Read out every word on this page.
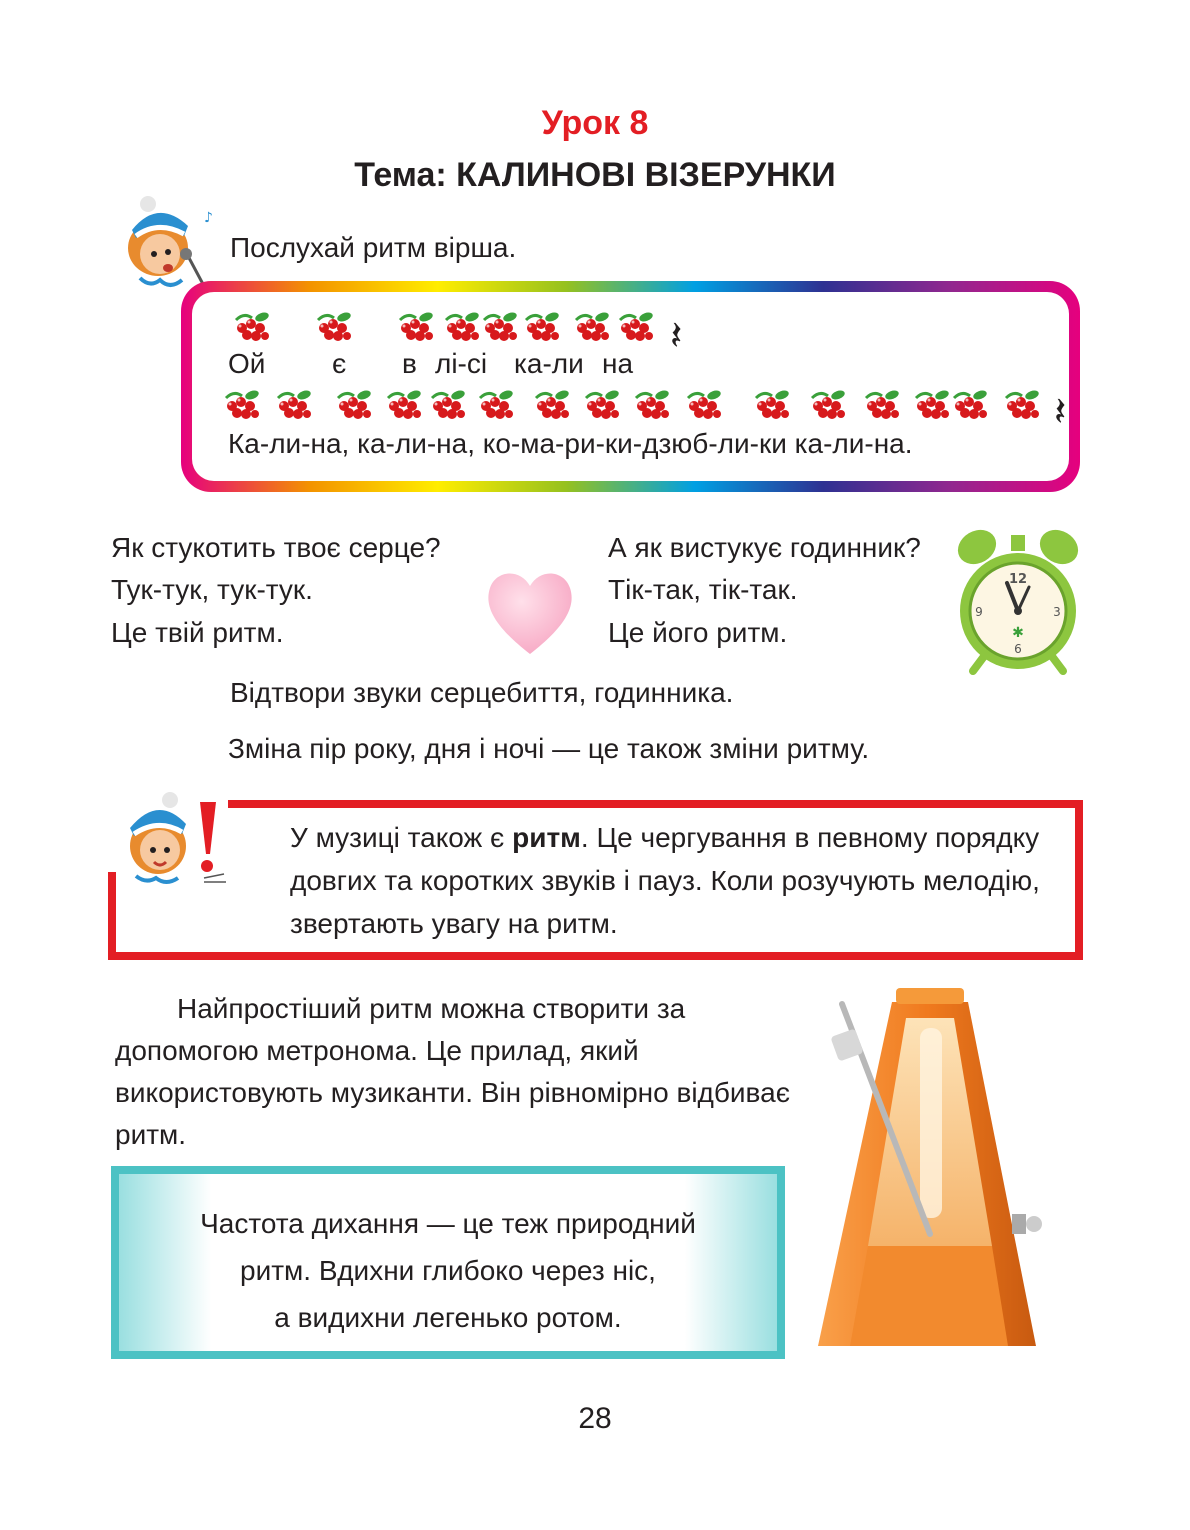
Урок 8
Тема: КАЛИНОВІ ВІЗЕРУНКИ
♪
Послухай ритм вірша.
𝄽
𝄽
Ой є в лі-сі ка-ли на
Ка-ли-на, ка-ли-на, ко-ма-ри-ки-дзюб-ли-ки ка-ли-на.
Як стукотить твоє серце?
Тук-тук, тук-тук.
Це твій ритм.
А як вистукує годинник?
Тік-так, тік-так.
Це його ритм.
12
3
6
9
✱
Відтвори звуки серцебиття, годинника.
Зміна пір року, дня і ночі — це також зміни ритму.
У музиці також є ритм. Це чергування в певному порядку довгих та коротких звуків і пауз. Коли розучують мелодію, звертають увагу на ритм.
Найпростіший ритм можна створити за допомогою метронома. Це прилад, який використовують музиканти. Він рівномірно відбиває ритм.
Частота дихання — це теж природний
ритм. Вдихни глибоко через ніс,
а видихни легенько ротом.
28
